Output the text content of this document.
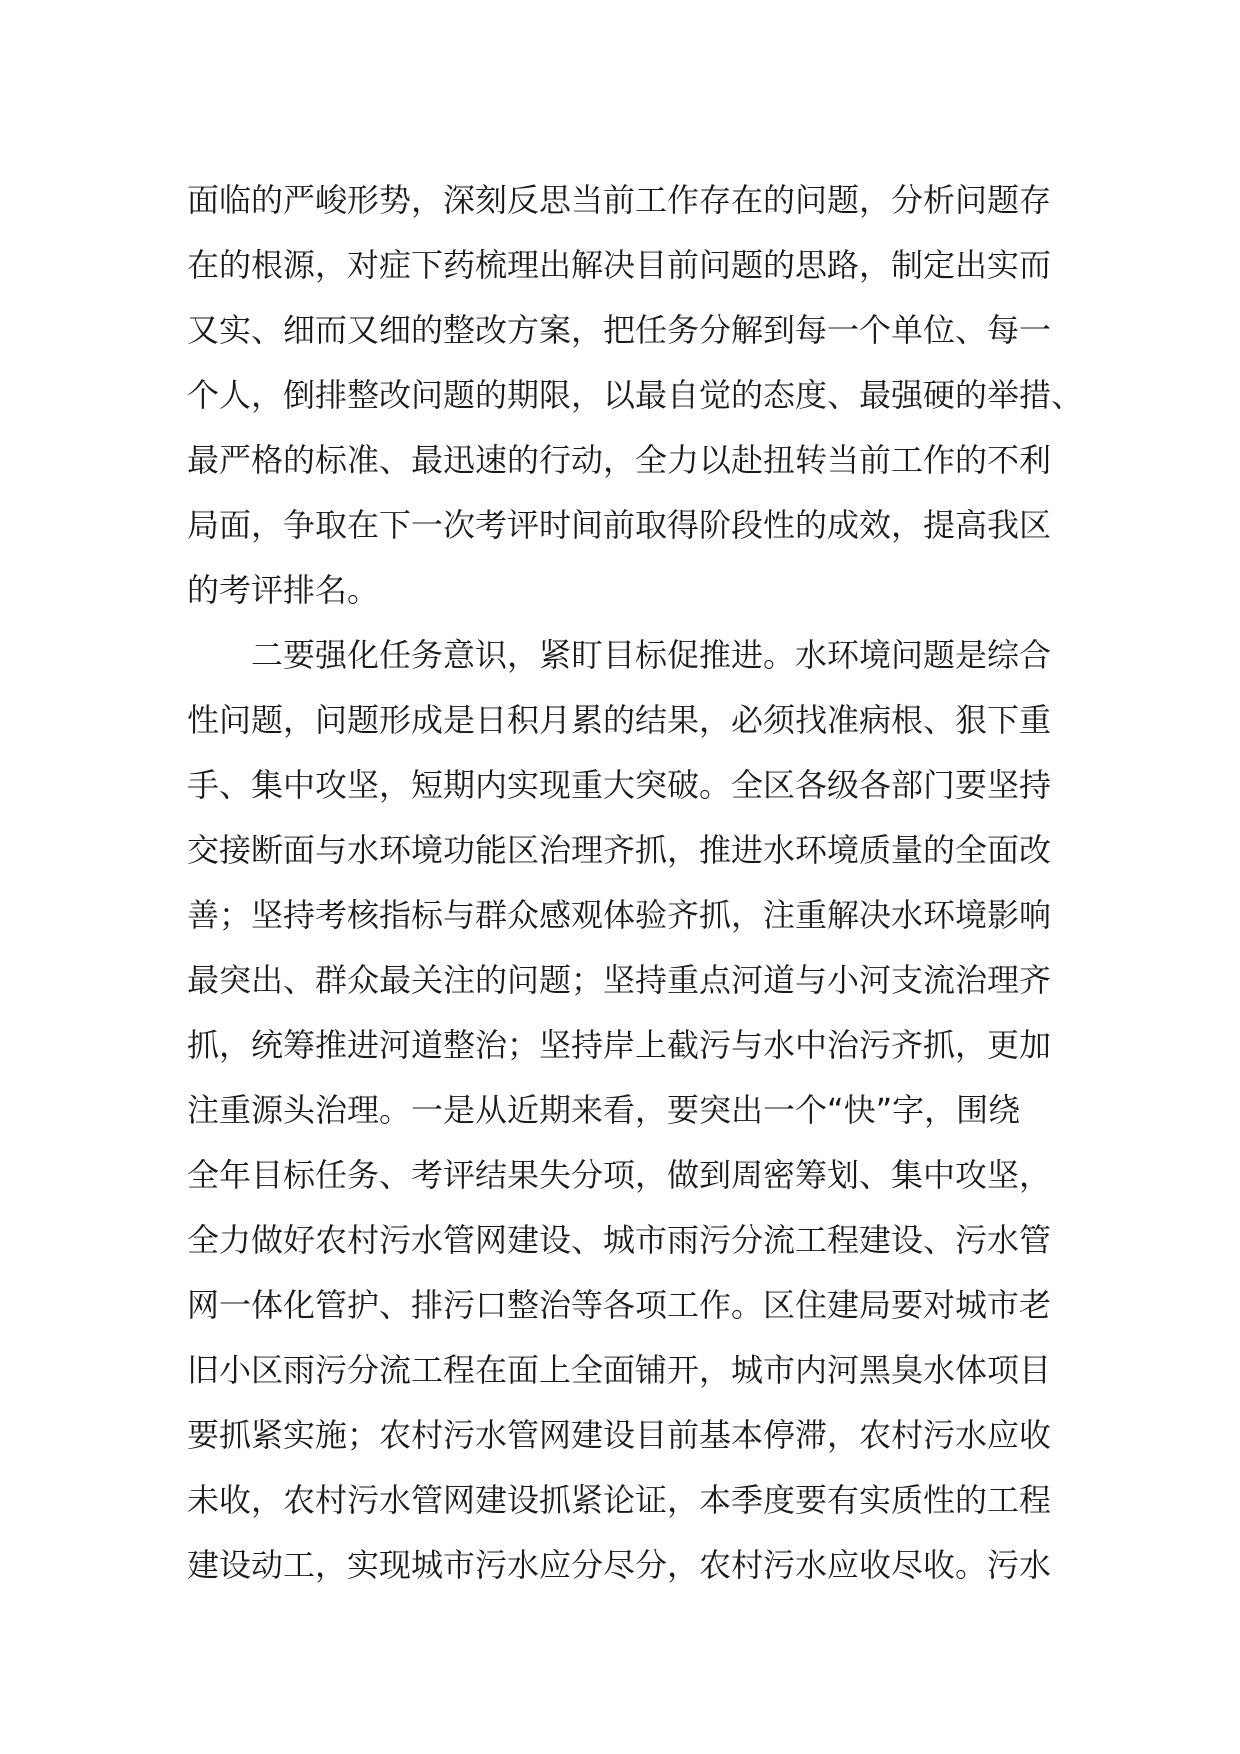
面临的严峻形势，深刻反思当前工作存在的问题，分析问题存
在的根源，对症下药梳理出解决目前问题的思路，制定出实而
又实、细而又细的整改方案，把任务分解到每一个单位、每一
个人，倒排整改问题的期限，以最自觉的态度、最强硬的举措、
最严格的标准、最迅速的行动，全力以赴扭转当前工作的不利
局面，争取在下一次考评时间前取得阶段性的成效，提高我区
的考评排名。
二要强化任务意识，紧盯目标促推进。水环境问题是综合
性问题，问题形成是日积月累的结果，必须找准病根、狠下重
手、集中攻坚，短期内实现重大突破。全区各级各部门要坚持
交接断面与水环境功能区治理齐抓，推进水环境质量的全面改
善；坚持考核指标与群众感观体验齐抓，注重解决水环境影响
最突出、群众最关注的问题；坚持重点河道与小河支流治理齐
抓，统筹推进河道整治；坚持岸上截污与水中治污齐抓，更加
注重源头治理。一是从近期来看，要突出一个“快”字，围绕
全年目标任务、考评结果失分项，做到周密筹划、集中攻坚，
全力做好农村污水管网建设、城市雨污分流工程建设、污水管
网一体化管护、排污口整治等各项工作。区住建局要对城市老
旧小区雨污分流工程在面上全面铺开，城市内河黑臭水体项目
要抓紧实施；农村污水管网建设目前基本停滞，农村污水应收
未收，农村污水管网建设抓紧论证，本季度要有实质性的工程
建设动工，实现城市污水应分尽分，农村污水应收尽收。污水
